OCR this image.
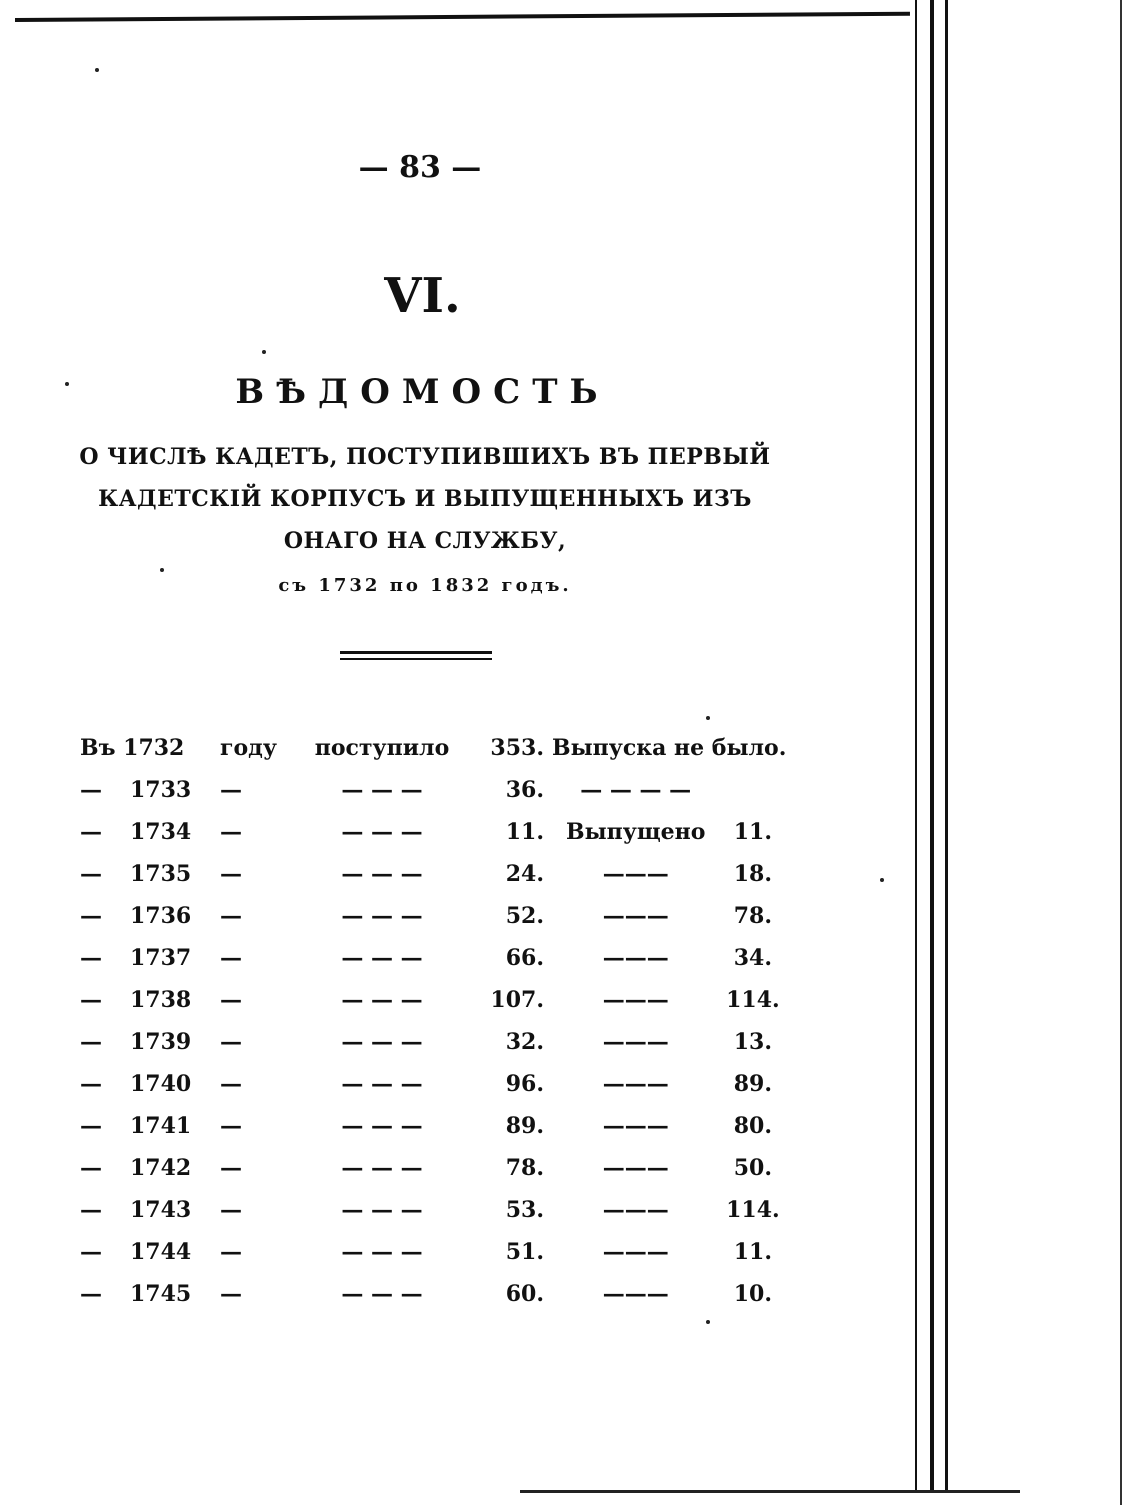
— 83 —
VI.
ВѢДОМОСТЬ
О ЧИСЛѢ КАДЕТЪ, ПОСТУПИВШИХЪ ВЪ ПЕРВЫЙ
КАДЕТСКІЙ КОРПУСЪ И ВЫПУЩЕННЫХЪ ИЗЪ
ОНАГО НА СЛУЖБУ,
съ 1732 по 1832 годъ.
Въ 1732		году	поступило	353.	Выпуска не было.	
—	1733	—	— — —	36.	— — — —	
—	1734	—	— — —	11.	Выпущено	11.
—	1735	—	— — —	24.	———	18.
—	1736	—	— — —	52.	———	78.
—	1737	—	— — —	66.	———	34.
—	1738	—	— — —	107.	———	114.
—	1739	—	— — —	32.	———	13.
—	1740	—	— — —	96.	———	89.
—	1741	—	— — —	89.	———	80.
—	1742	—	— — —	78.	———	50.
—	1743	—	— — —	53.	———	114.
—	1744	—	— — —	51.	———	11.
—	1745	—	— — —	60.	———	10.
